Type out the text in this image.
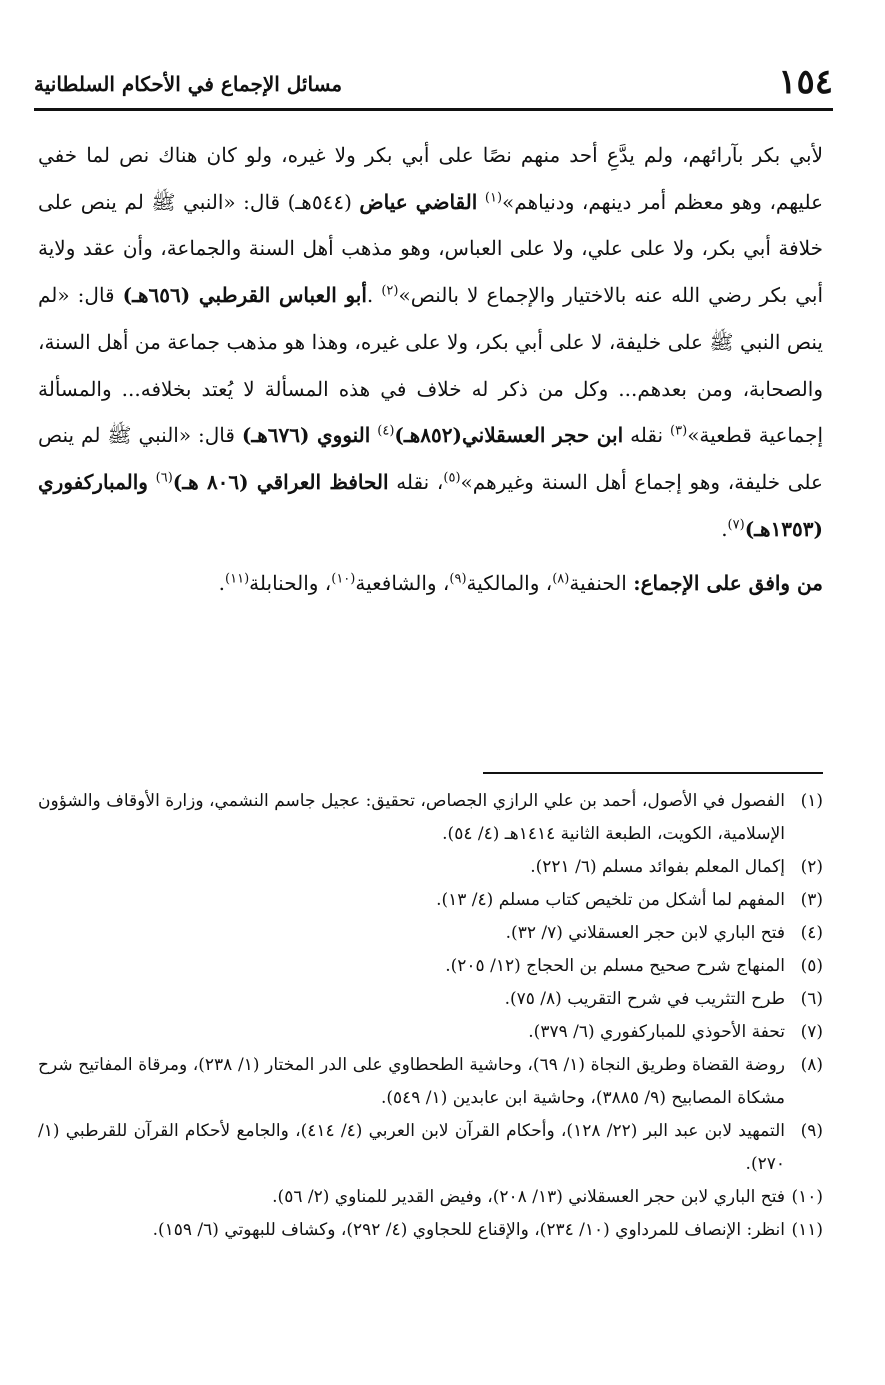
١٥٤
مسائل الإجماع في الأحكام السلطانية

لأبي بكر بآرائهم، ولم يدَّعِ أحد منهم نصًا على أبي بكر ولا غيره، ولو كان هناك نص لما خفي عليهم، وهو معظم أمر دينهم، ودنياهم»$^{(١)}$ القاضي عياض (٥٤٤هـ) قال: «النبي ﷺ لم ينص على خلافة أبي بكر، ولا على علي، ولا على العباس، وهو مذهب أهل السنة والجماعة، وأن عقد ولاية أبي بكر رضي الله عنه بالاختيار والإجماع لا بالنص»$^{(٢)}$ .أبو العباس القرطبي (٦٥٦هـ) قال: «لم ينص النبي ﷺ على خليفة، لا على أبي بكر، ولا على غيره، وهذا هو مذهب جماعة من أهل السنة، والصحابة، ومن بعدهم... وكل من ذكر له خلاف في هذه المسألة لا يُعتد بخلافه... والمسألة إجماعية قطعية»$^{(٣)}$ نقله ابن حجر العسقلاني(٨٥٢هـ)$^{(٤)}$ النووي (٦٧٦هـ) قال: «النبي ﷺ لم ينص على خليفة، وهو إجماع أهل السنة وغيرهم»$^{(٥)}$، نقله الحافظ العراقي (٨٠٦ هـ)$^{(٦)}$ والمباركفوري (١٣٥٣هـ)$^{(٧)}$.

من وافق على الإجماع: الحنفية$^{(٨)}$، والمالكية$^{(٩)}$، والشافعية$^{(١٠)}$، والحنابلة$^{(١١)}$.

(١)
الفصول في الأصول، أحمد بن علي الرازي الجصاص، تحقيق: عجيل جاسم النشمي، وزارة الأوقاف والشؤون الإسلامية، الكويت، الطبعة الثانية ١٤١٤هـ (٤/ ٥٤).
(٢)
إكمال المعلم بفوائد مسلم (٦/ ٢٢١).
(٣)
المفهم لما أشكل من تلخيص كتاب مسلم (٤/ ١٣).
(٤)
فتح الباري لابن حجر العسقلاني (٧/ ٣٢).
(٥)
المنهاج شرح صحيح مسلم بن الحجاج (١٢/ ٢٠٥).
(٦)
طرح التثريب في شرح التقريب (٨/ ٧٥).
(٧)
تحفة الأحوذي للمباركفوري (٦/ ٣٧٩).
(٨)
روضة القضاة وطريق النجاة (١/ ٦٩)، وحاشية الطحطاوي على الدر المختار (١/ ٢٣٨)، ومرقاة المفاتيح شرح مشكاة المصابيح (٩/ ٣٨٨٥)، وحاشية ابن عابدين (١/ ٥٤٩).
(٩)
التمهيد لابن عبد البر (٢٢/ ١٢٨)، وأحكام القرآن لابن العربي (٤/ ٤١٤)، والجامع لأحكام القرآن للقرطبي (١/ ٢٧٠).
(١٠)
فتح الباري لابن حجر العسقلاني (١٣/ ٢٠٨)، وفيض القدير للمناوي (٢/ ٥٦).
(١١)
انظر: الإنصاف للمرداوي (١٠/ ٢٣٤)، والإقناع للحجاوي (٤/ ٢٩٢)، وكشاف للبهوتي (٦/ ١٥٩).
